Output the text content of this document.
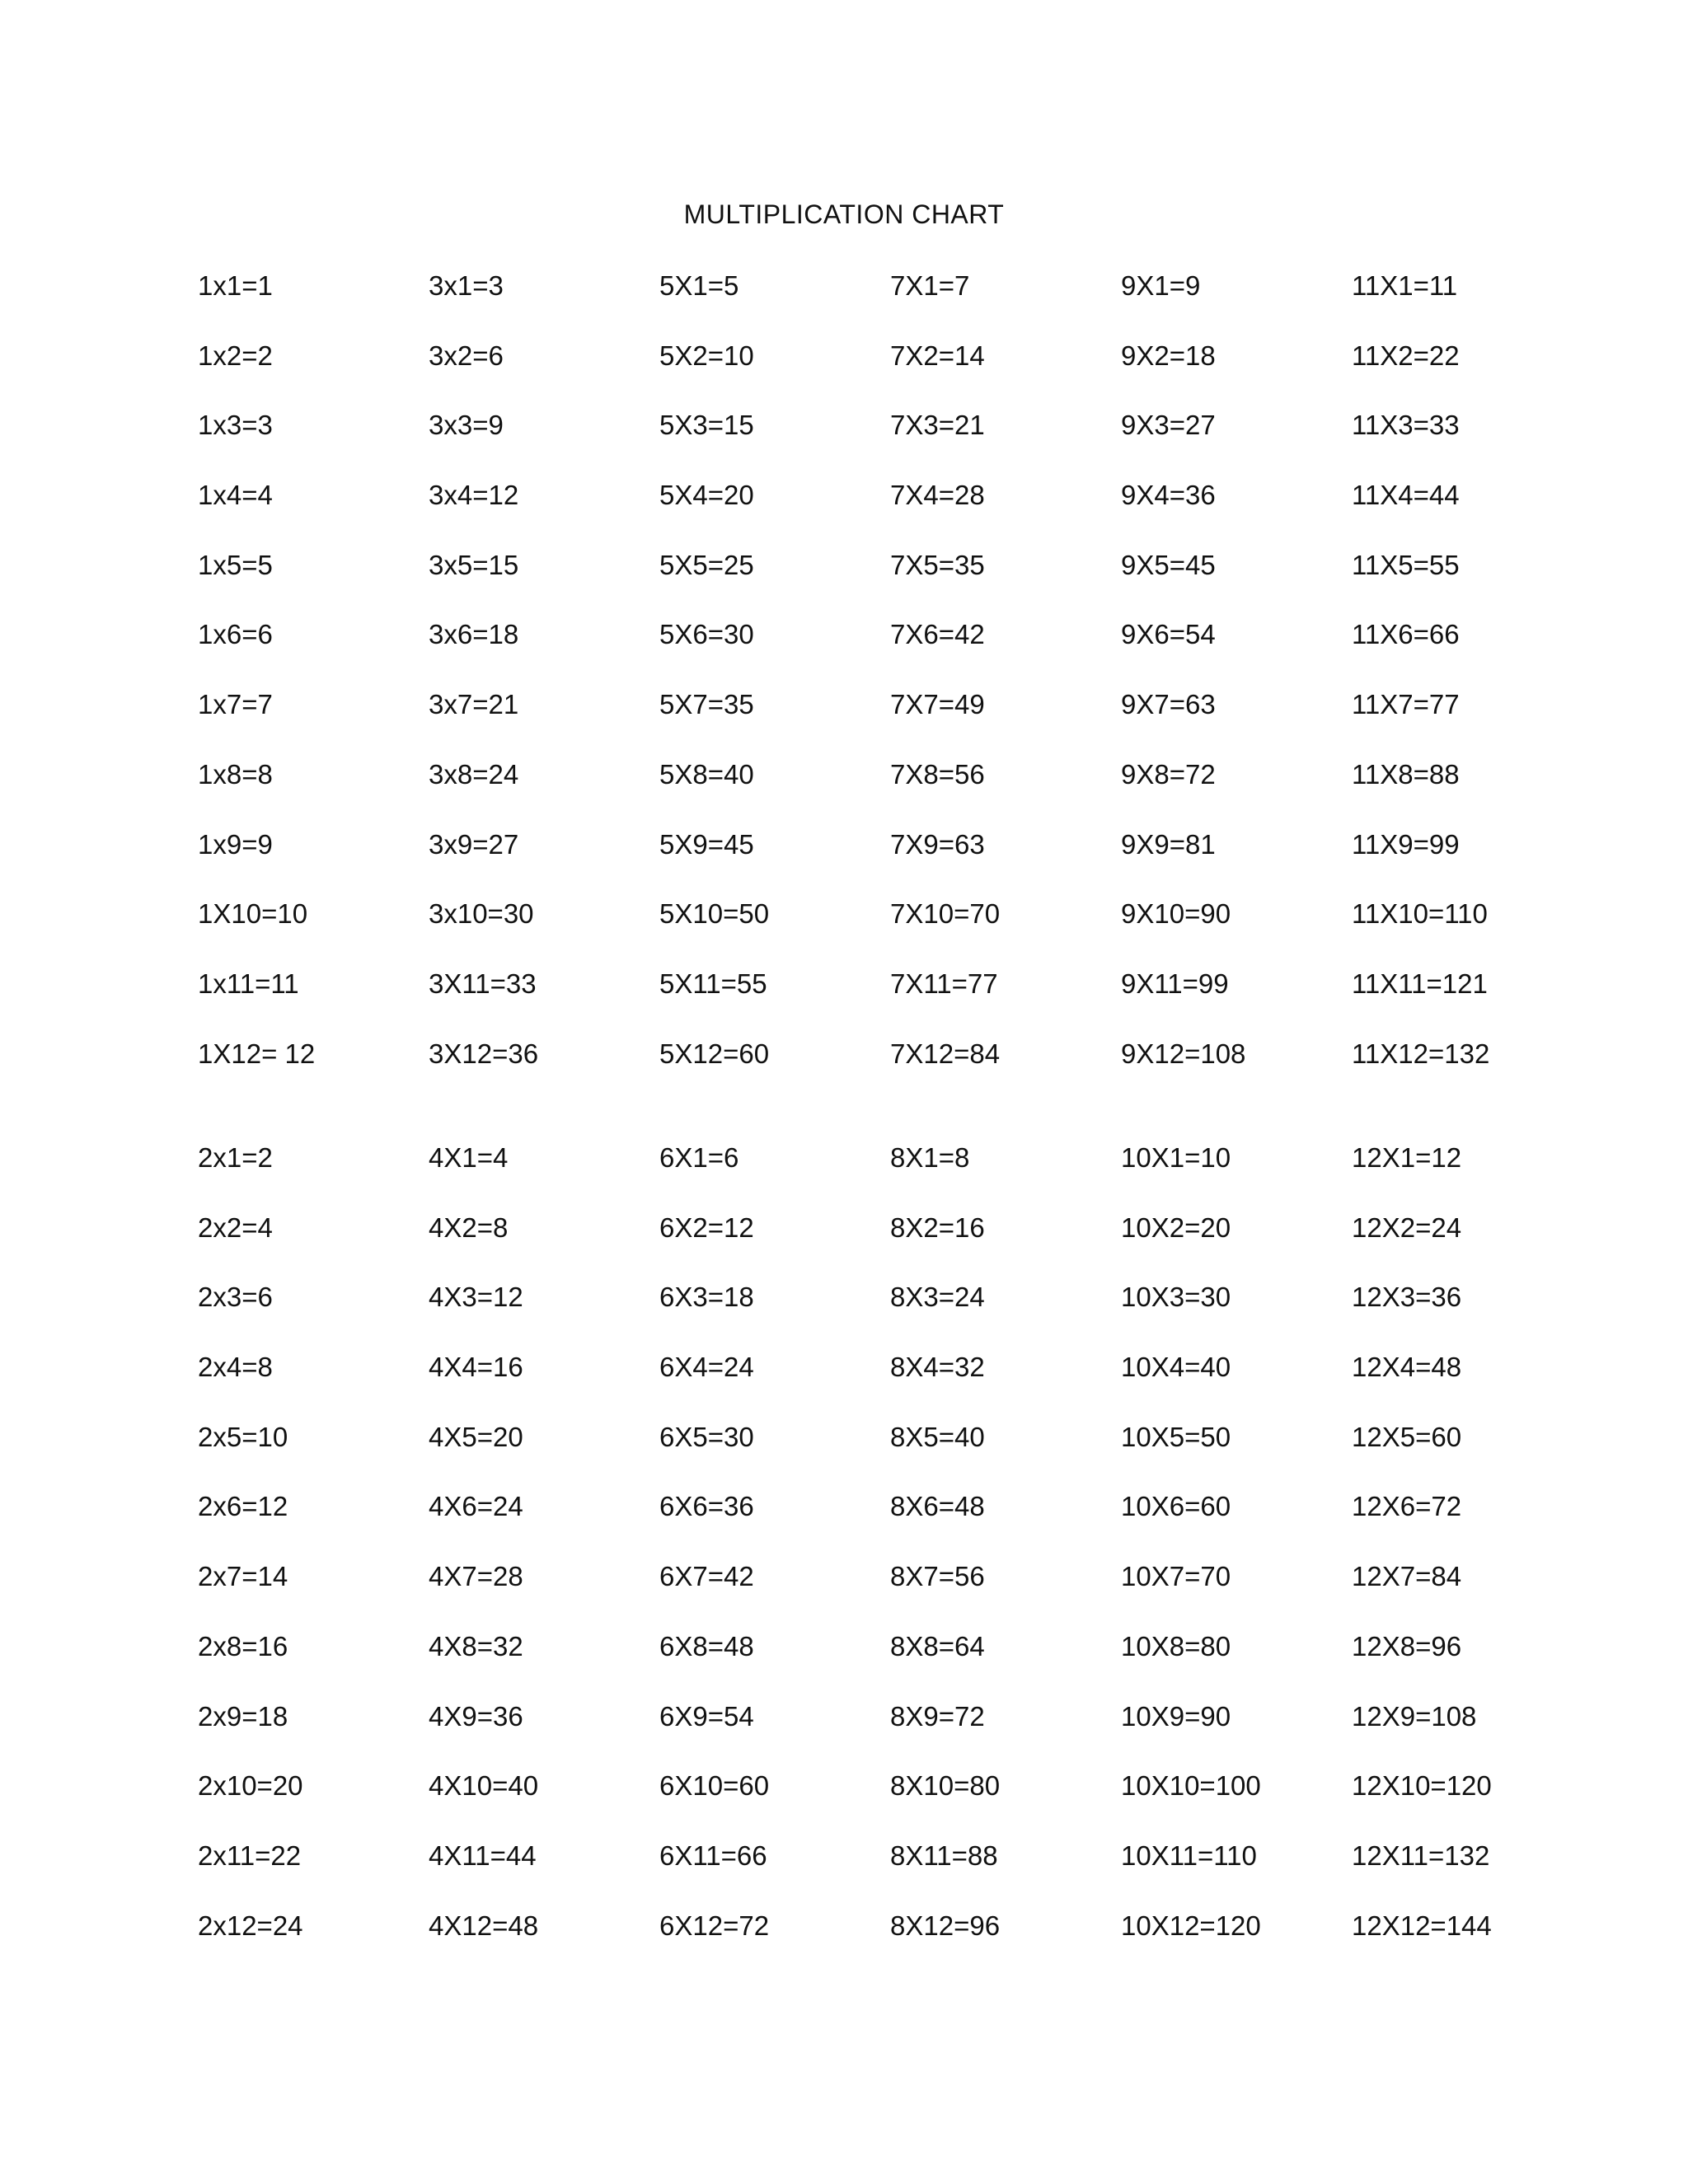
MULTIPLICATION CHART
1x1=1
1x2=2
1x3=3
1x4=4
1x5=5
1x6=6
1x7=7
1x8=8
1x9=9
1X10=10
1x11=11
1X12= 12
3x1=3
3x2=6
3x3=9
3x4=12
3x5=15
3x6=18
3x7=21
3x8=24
3x9=27
3x10=30
3X11=33
3X12=36
5X1=5
5X2=10
5X3=15
5X4=20
5X5=25
5X6=30
5X7=35
5X8=40
5X9=45
5X10=50
5X11=55
5X12=60
7X1=7
7X2=14
7X3=21
7X4=28
7X5=35
7X6=42
7X7=49
7X8=56
7X9=63
7X10=70
7X11=77
7X12=84
9X1=9
9X2=18
9X3=27
9X4=36
9X5=45
9X6=54
9X7=63
9X8=72
9X9=81
9X10=90
9X11=99
9X12=108
11X1=11
11X2=22
11X3=33
11X4=44
11X5=55
11X6=66
11X7=77
11X8=88
11X9=99
11X10=110
11X11=121
11X12=132
2x1=2
2x2=4
2x3=6
2x4=8
2x5=10
2x6=12
2x7=14
2x8=16
2x9=18
2x10=20
2x11=22
2x12=24
4X1=4
4X2=8
4X3=12
4X4=16
4X5=20
4X6=24
4X7=28
4X8=32
4X9=36
4X10=40
4X11=44
4X12=48
6X1=6
6X2=12
6X3=18
6X4=24
6X5=30
6X6=36
6X7=42
6X8=48
6X9=54
6X10=60
6X11=66
6X12=72
8X1=8
8X2=16
8X3=24
8X4=32
8X5=40
8X6=48
8X7=56
8X8=64
8X9=72
8X10=80
8X11=88
8X12=96
10X1=10
10X2=20
10X3=30
10X4=40
10X5=50
10X6=60
10X7=70
10X8=80
10X9=90
10X10=100
10X11=110
10X12=120
12X1=12
12X2=24
12X3=36
12X4=48
12X5=60
12X6=72
12X7=84
12X8=96
12X9=108
12X10=120
12X11=132
12X12=144
